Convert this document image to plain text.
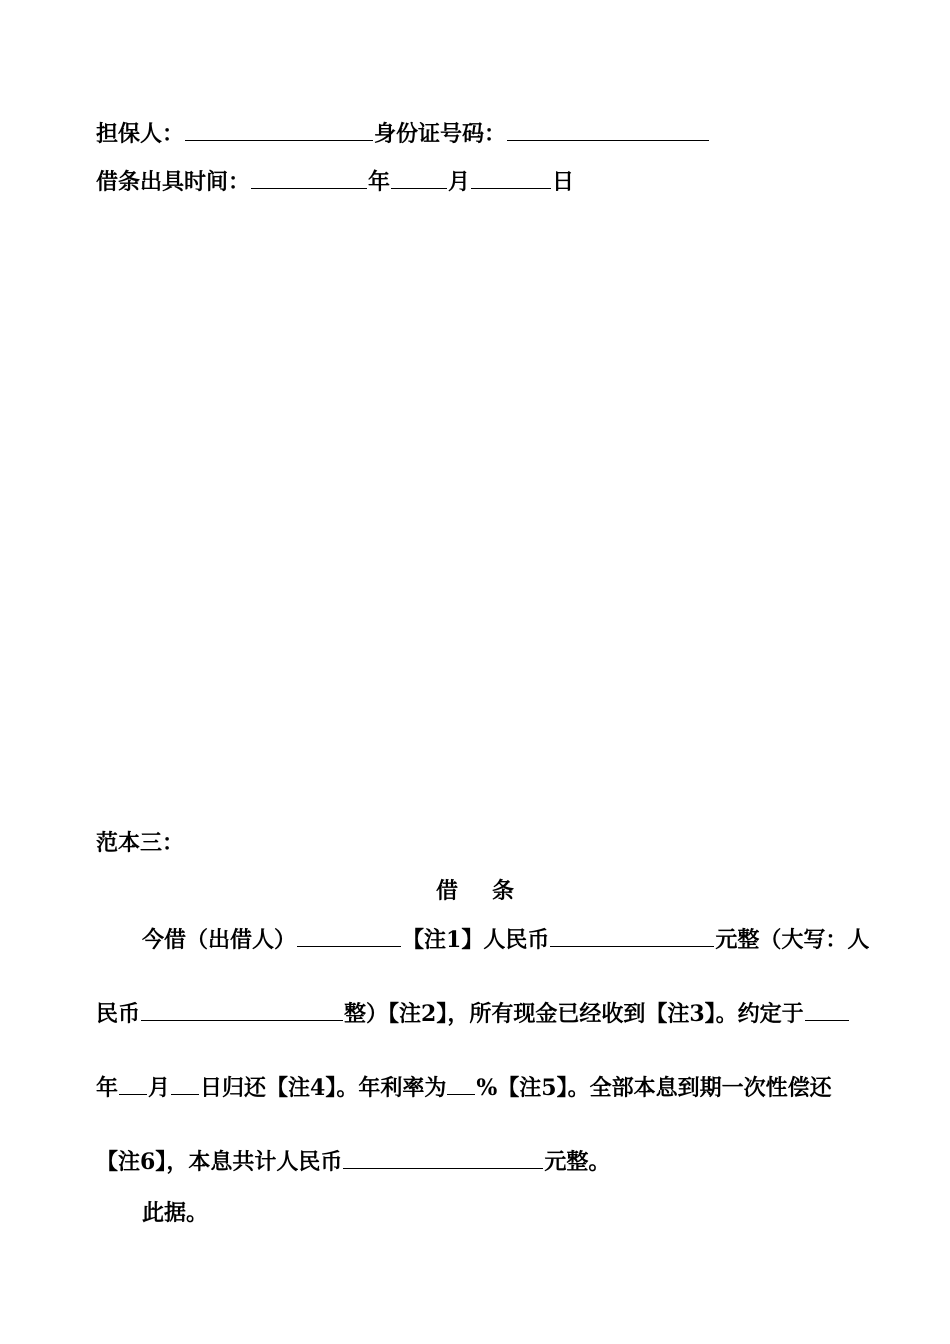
担保人：	身份证号码：
借条出具时间：	年	月	日
范本三：
借 条
今借（出借人）	【注1】人民币	元整（大写：人
民币	整）【注2】，所有现金已经收到【注3】。约定于
年 月 日归还【注4】。年利率为 %【注5】。全部本息到期一次性偿还
【注6】，本息共计人民币	元整。
此据。
